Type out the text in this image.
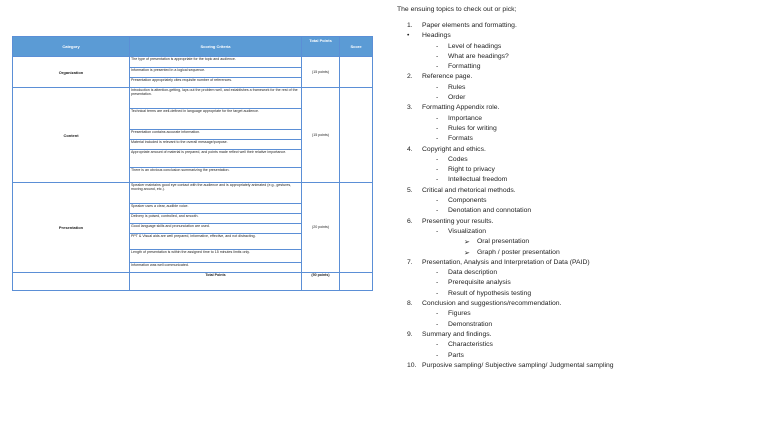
Category	Scoring Criteria	Total Points	Score
Organization	The type of presentation is appropriate for the topic and audience.	(15 points)	
	Information is presented in a logical sequence.		
	Presentation appropriately cites requisite number of references.		
Content	Introduction is attention-getting, lays out the problem well, and establishes a framework for the rest of the presentation.	(15 points)	
	Technical terms are well-defined in language appropriate for the target audience.		
	Presentation contains accurate information.		
	Material included is relevant to the overall message/purpose.		
	Appropriate amount of material is prepared, and points made reflect well their relative importance.		
	There is an obvious conclusion summarizing the presentation.		
Presentation	Speaker maintains good eye contact with the audience and is appropriately animated (e.g., gestures, moving around, etc.).	(20 points)	
	Speaker uses a clear, audible voice.		
	Delivery is poised, controlled, and smooth.		
	Good language skills and pronunciation are used.		
	PPT & Visual aids are well prepared, informative, effective, and not distracting.		
	Length of presentation is within the assigned time to 15 minutes limits only.		
	Information was well communicated.		
	Total Points	(50 points)	
The ensuing topics to check out or pick;
1. Paper elements and formatting.
• Headings
- Level of headings
- What are headings?
- Formatting
2. Reference page.
- Rules
- Order
3. Formatting Appendix role.
- Importance
- Rules for writing
- Formats
4. Copyright and ethics.
- Codes
- Right to privacy
- Intellectual freedom
5. Critical and rhetorical methods.
- Components
- Denotation and connotation
6. Presenting your results.
- Visualization
➢ Oral presentation
➢ Graph / poster presentation
7. Presentation, Analysis and Interpretation of Data (PAID)
- Data description
- Prerequisite analysis
- Result of hypothesis testing
8. Conclusion and suggestions/recommendation.
- Figures
- Demonstration
9. Summary and findings.
- Characteristics
- Parts
10. Purposive sampling/ Subjective sampling/ Judgmental sampling
